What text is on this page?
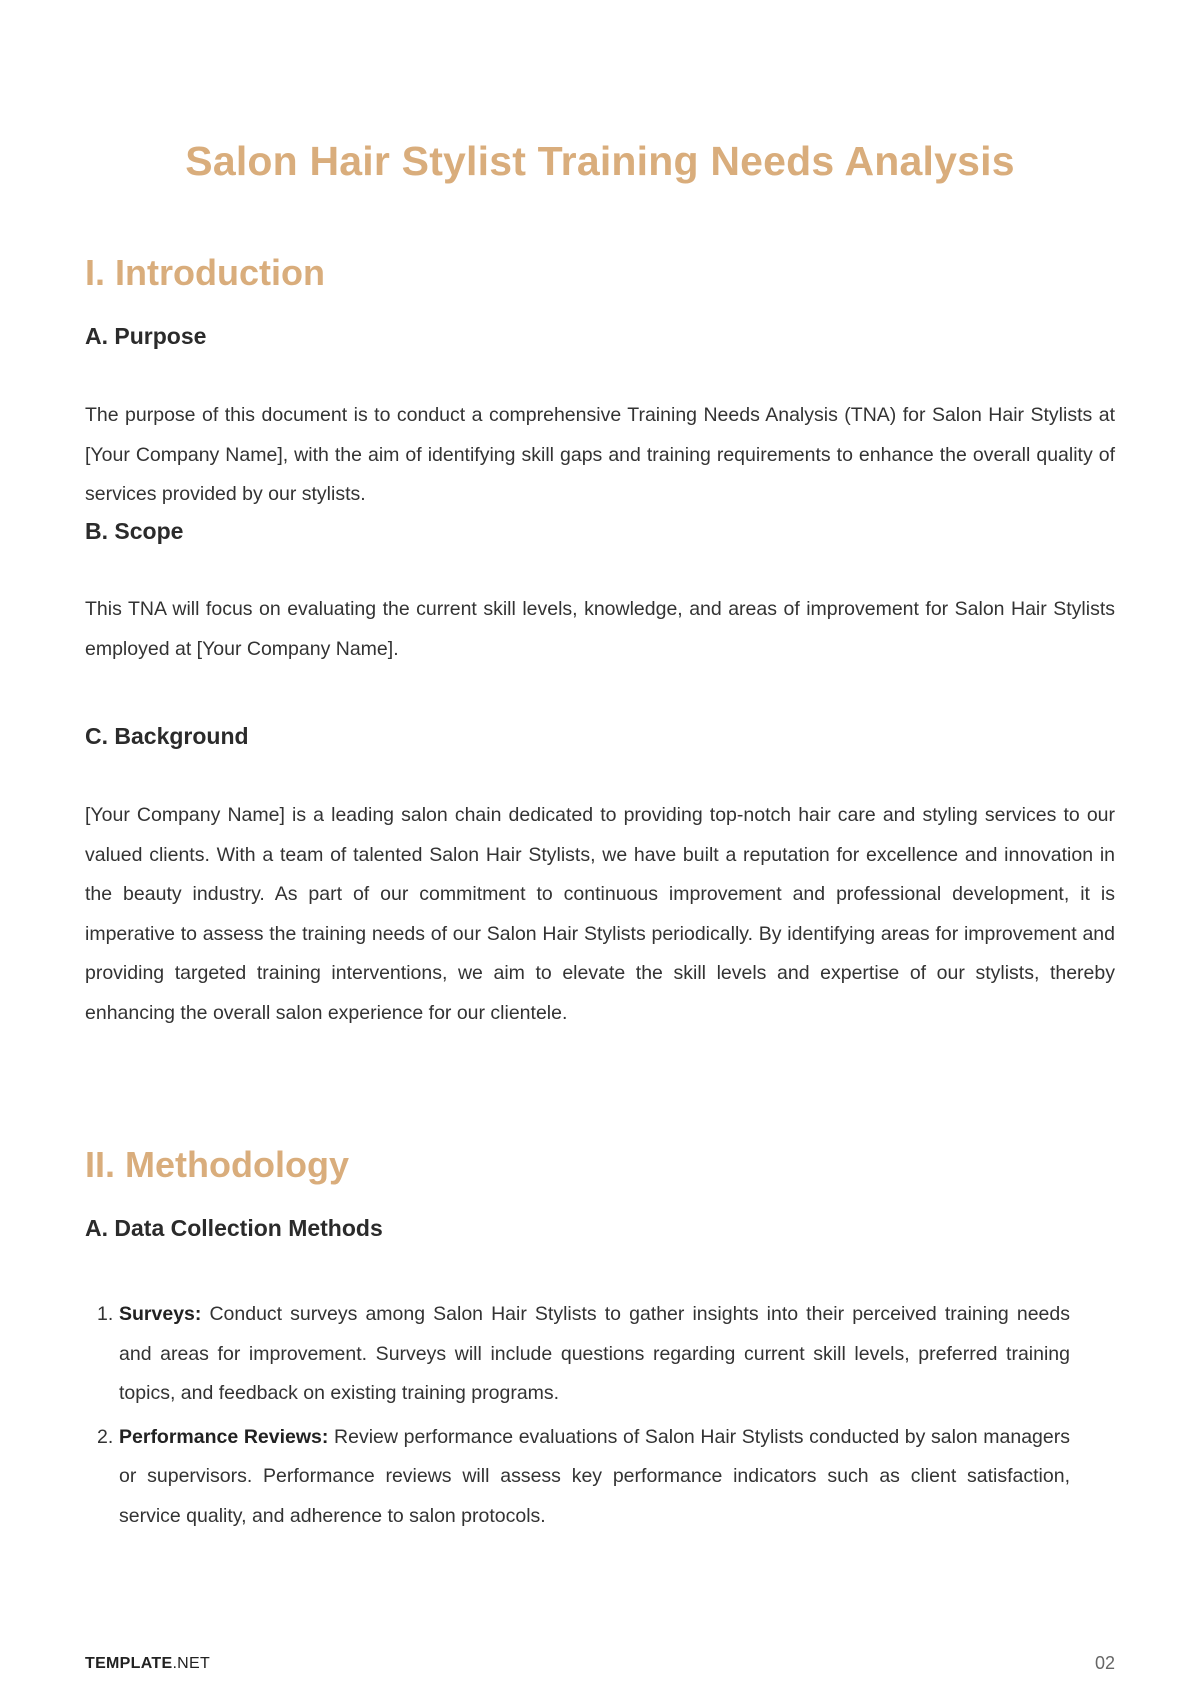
Salon Hair Stylist Training Needs Analysis
I. Introduction
A. Purpose

The purpose of this document is to conduct a comprehensive Training Needs Analysis (TNA) for Salon Hair Stylists at [Your Company Name], with the aim of identifying skill gaps and training requirements to enhance the overall quality of services provided by our stylists.

B. Scope

This TNA will focus on evaluating the current skill levels, knowledge, and areas of improvement for Salon Hair Stylists employed at [Your Company Name].

C. Background

[Your Company Name] is a leading salon chain dedicated to providing top-notch hair care and styling services to our valued clients. With a team of talented Salon Hair Stylists, we have built a reputation for excellence and innovation in the beauty industry. As part of our commitment to continuous improvement and professional development, it is imperative to assess the training needs of our Salon Hair Stylists periodically. By identifying areas for improvement and providing targeted training interventions, we aim to elevate the skill levels and expertise of our stylists, thereby enhancing the overall salon experience for our clientele.

II. Methodology
A. Data Collection Methods
1. Surveys: Conduct surveys among Salon Hair Stylists to gather insights into their perceived training needs and areas for improvement. Surveys will include questions regarding current skill levels, preferred training topics, and feedback on existing training programs.
2. Performance Reviews: Review performance evaluations of Salon Hair Stylists conducted by salon managers or supervisors. Performance reviews will assess key performance indicators such as client satisfaction, service quality, and adherence to salon protocols.
TEMPLATE.NET	02
